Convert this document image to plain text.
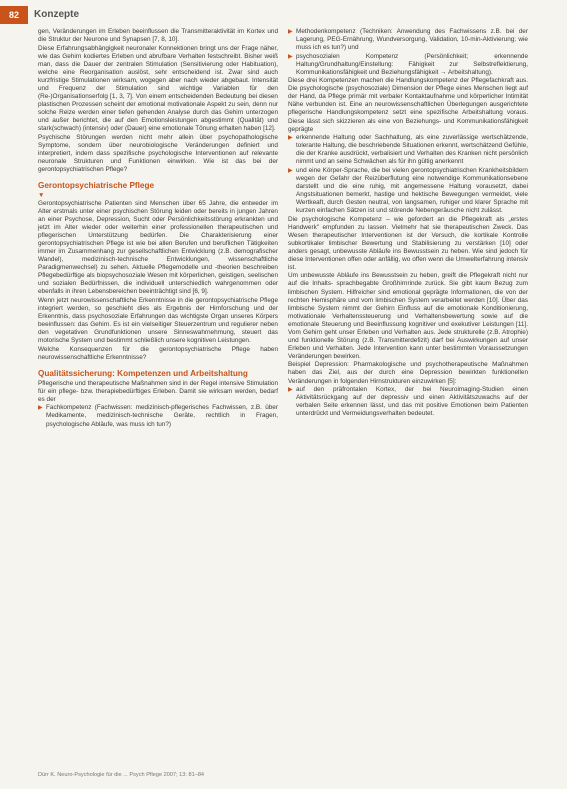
82	Konzepte

gen, Veränderungen im Erleben beeinflussen die Transmitteraktivität im Kortex und die Struktur der Neurone und Synapsen [7, 8, 10].

Diese Erfahrungsabhängigkeit neuronaler Konnektionen bringt uns der Frage näher, wie das Gehirn kodiertes Erleben und abrufbare Verhalten festschreibt. Bisher weiß man, dass die Dauer der zentralen Stimulation (Sensitivierung oder Habituation), welche eine Reorganisation auslöst, sehr entscheidend ist. Zwar sind auch kurzfristige Stimulationen wirksam, wogegen aber nach wieder abgebaut. Intensität und Frequenz der Stimulation sind wichtige Variablen für den (Re-)Organisationserfolg [1, 3, 7]. Von einem entscheidenden Bedeutung bei diesen plastischen Prozessen scheint der emotional motivationale Aspekt zu sein, denn nur solche Reize werden einer tiefen gehenden Analyse durch das Gehirn unterzogen und außer berichtet, die auf den Emotionsleistungen abgestimmt (Qualität) und stark(schwach) (intensiv) oder (Dauer) eine emotionale Tönung erhalten haben [12].

Psychische Störungen werden nicht mehr allein über psychopathologische Symptome, sondern über neurobiologische Veränderungen definiert und interpretiert, indem dass spezifische psychologische Interventionen auf relevante neuronale Strukturen und Funktionen einwirken. Wie ist das bei der gerontopsychiatrischen Pflege?

Gerontopsychiatrische Pflege
▼

Gerontopsychiatrische Patienten sind Menschen über 65 Jahre, die entweder im Alter erstmals unter einer psychischen Störung leiden oder bereits in jungen Jahren an einer Psychose, Depression, Sucht oder Persönlichkeitsstörung erkrankten und jetzt im Alter wieder oder weiterhin einer professionellen therapeutischen und pflegerischen Unterstützung bedürfen. Die Charakterisierung einer gerontopsychiatrischen Pflege ist wie bei allen Berufen und beruflichen Tätigkeiten immer im Zusammenhang zur gesellschaftlichen Entwicklung (z.B. demografischer Wandel), medizinisch-technische Entwicklungen, wissenschaftliche Paradigmenwechsel) zu sehen. Aktuelle Pflegemodelle und -theorien beschreiben Pflegebedürftige als biopsychosoziale Wesen mit körperlichen, geistigen, seelischen und sozialen Bedürfnissen, die individuell unterschiedlich wahrgenommen oder ebenfalls in ihren Lebensbereichen beeinträchtigt sind [6, 9].

Wenn jetzt neurowissenschaftliche Erkenntnisse in die gerontopsychiatrische Pflege integriert werden, so geschieht dies als Ergebnis der Hirnforschung und der Erkenntnis, dass psychosoziale Erfahrungen das wichtigste Organ unseres Körpers beeinflussen: das Gehirn. Es ist ein vielseitiger Steuerzentrum und regulierer neben den vegetativen Grundfunktionen unsere Sinneswahrnehmung, steuert das motorische System und bestimmt schließlich unsere kognitiven Leistungen.

Welche Konsequenzen für die gerontopsychiatrische Pflege haben neurowissenschaftliche Erkenntnisse?

Qualitätssicherung: Kompetenzen und Arbeitshaltung

Pflegerische und therapeutische Maßnahmen sind in der Regel intensive Stimulation für ein pflege- bzw. therapiebedürftiges Erleben. Damit sie wirksam werden, bedarf es der

▶ Fachkompetenz (Fachwissen: medizinisch-pflegerisches Fachwissen, z.B. über Medikamente, medizinisch-technische Geräte, rechtlich in Fragen, psychologische Abläufe, was muss ich tun?)
▶ Methodenkompetenz (Techniken: Anwendung des Fachwissens z.B. bei der Lagerung, PEG-Ernährung, Wundversorgung, Validation, 10-min-Aktivierung; wie muss ich es tun?) und
▶ psychosozialen Kompetenz (Persönlichkeit; erkennende Haltung/Grundhaltung/Einstellung: Fähigkeit zur Selbstreflektierung, Kommunikationsfähigkeit und Beziehungsfähigkeit → Arbeitshaltung).

Diese drei Kompetenzen machen die Handlungskompetenz der Pflegefachkraft aus. Die psychologische (psychosoziale) Dimension der Pflege eines Menschen liegt auf der Hand, da Pflege primär mit verbaler Kontaktaufnahme und körperlicher Intimität Nähe verbunden ist. Eine an neurowissenschaftlichen Überlegungen ausgerichtete pflegerische Handlungskompetenz setzt eine spezifische Arbeitshaltung voraus. Diese lässt sich skizzieren als eine von Beziehungs- und Kommunikationsfähigkeit geprägte

▶ erkennende Haltung oder Sachhaltung, als eine zuverlässige wertschätzende, tolerante Haltung, die beschriebende Situationen erkennt, wertschätzend Gefühle, die der Kranke ausdrückt, verbalisiert und Verhalten des Kranken nicht persönlich nimmt und an seine Schwächen als für ihn gültig anerkennt
▶ und eine Körper-Sprache, die bei vielen gerontopsychiatrischen Krankheitsbildern wegen der Gefahr der Reizüberflutung eine notwendige Kommunikationsebene darstellt und die eine ruhig, mit angemessene Haltung vorausetzt, dabei Angstsituationen bemerkt, hastige und hektische Bewegungen vermeidet, viele Wertkeaft, durch Gesten neutral, von langsamen, ruhiger und klarer Sprache mit kurzen einfachen Sätzen ist und störende Nebengeräusche nicht zulässt.

Die psychologische Kompetenz – wie gefordert an die Pflegekraft als „erstes Handwerk" empfunden zu lassen. Vielmehr hat sie therapeutischen Zweck. Das Wesen therapeutischer Interventionen ist der Versuch, die kortikale Kontrolle subkortikaler limbischer Bewertung und Stabilisierung zu verstärken [10] oder anders gesagt, unbewusste Abläufe ins Bewusstsein zu heben. Wie sind jedoch für diese Interventionen offen oder anfällig, wo offen wenn die Umwelterfahrung intensiv ist.

Um unbewusste Abläufe ins Bewusstsein zu heben, greift die Pflegekraft nicht nur auf die Inhalts- sprachbegabte Großhirnrinde zurück. Sie gibt kaum Bezug zum limbischen System. Hilfreicher sind emotional geprägte Informationen, die von der rechten Hemisphäre und vom limbischen System verarbeitet werden [10]. Über das limbische System nimmt der Gehirn Einfluss auf die emotionale Konditionierung, motivationale Verhaltenssteuerung und Verhaltensbewertung sowie auf die emotionale Steuerung und Beeinflussung kognitiver und exekutiver Leistungen [11]. Vom Gehirn geht unser Erleben und Verhalten aus. Jede strukturelle (z.B. Atrophie) und funktionelle Störung (z.B. Transmitterdefizit) darf bei Auswirkungen auf unser Erleben und Verhalten. Jede Intervention kann unter bestimmten Voraussetzungen Veränderungen bewirken.

Beispiel Depression: Pharmakologische und psychotherapeutische Maßnahmen haben das Ziel, aus der durch eine Depression bewirkten funktionellen Veränderungen in folgenden Hirnstrukturen einzuwirken [5]:

▶ auf den präfrontalen Kortex, der bei Neuroimaging-Studien einen Aktivitätsrückgang auf der depressiv und einen Aktivitätszuwachs auf der verbalen Seite erkennen lässt, und das mit positive Emotionen beim Patienten unterdrückt und Vermeidungsverhalten bedeutet.
Dürr K. Neuro-Psychologie für die ... Psych Pflege 2007; 13: 81–84
